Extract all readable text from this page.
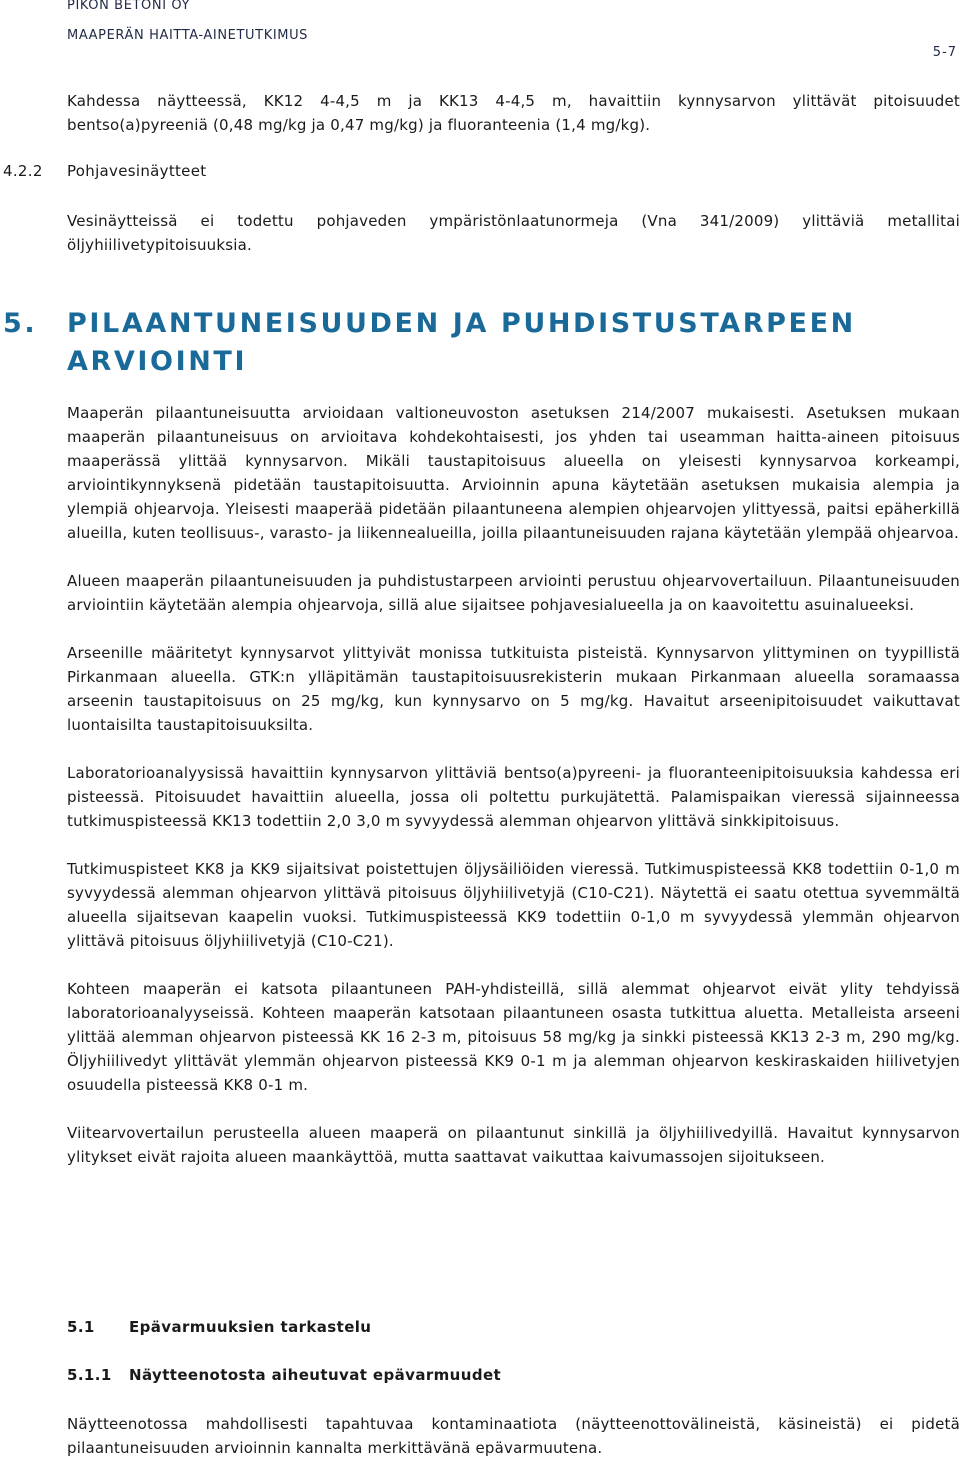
PIKON BETONI OY
MAAPERÄN HAITTA-AINETUTKIMUS
5-7

Kahdessa näytteessä, KK12 4-4,5 m ja KK13 4-4,5 m, havaittiin kynnysarvon ylittävät pitoisuudet bentso(a)pyreeniä (0,48 mg/kg ja 0,47 mg/kg) ja fluoranteenia (1,4 mg/kg).

4.2.2 Pohjavesinäytteet

Vesinäytteissä ei todettu pohjaveden ympäristönlaatunormeja (Vna 341/2009) ylittäviä metallitai öljyhiilivetypitoisuuksia.

5. PILAANTUNEISUUDEN JA PUHDISTUSTARPEEN ARVIOINTI

Maaperän pilaantuneisuutta arvioidaan valtioneuvoston asetuksen 214/2007 mukaisesti. Asetuksen mukaan maaperän pilaantuneisuus on arvioitava kohdekohtaisesti, jos yhden tai useamman haitta-aineen pitoisuus maaperässä ylittää kynnysarvon. Mikäli taustapitoisuus alueella on yleisesti kynnysarvoa korkeampi, arviointikynnyksenä pidetään taustapitoisuutta. Arvioinnin apuna käytetään asetuksen mukaisia alempia ja ylempiä ohjearvoja. Yleisesti maaperää pidetään pilaantuneena alempien ohjearvojen ylittyessä, paitsi epäherkillä alueilla, kuten teollisuus-, varasto- ja liikennealueilla, joilla pilaantuneisuuden rajana käytetään ylempää ohjearvoa.

Alueen maaperän pilaantuneisuuden ja puhdistustarpeen arviointi perustuu ohjearvovertailuun. Pilaantuneisuuden arviointiin käytetään alempia ohjearvoja, sillä alue sijaitsee pohjavesialueella ja on kaavoitettu asuinalueeksi.

Arseenille määritetyt kynnysarvot ylittyivät monissa tutkituista pisteistä. Kynnysarvon ylittyminen on tyypillistä Pirkanmaan alueella. GTK:n ylläpitämän taustapitoisuusrekisterin mukaan Pirkanmaan alueella soramaassa arseenin taustapitoisuus on 25 mg/kg, kun kynnysarvo on 5 mg/kg. Havaitut arseenipitoisuudet vaikuttavat luontaisilta taustapitoisuuksilta.

Laboratorioanalyysissä havaittiin kynnysarvon ylittäviä bentso(a)pyreeni- ja fluoranteenipitoisuuksia kahdessa eri pisteessä. Pitoisuudet havaittiin alueella, jossa oli poltettu purkujätettä. Palamispaikan vieressä sijainneessa tutkimuspisteessä KK13 todettiin 2,0 3,0 m syvyydessä alemman ohjearvon ylittävä sinkkipitoisuus.

Tutkimuspisteet KK8 ja KK9 sijaitsivat poistettujen öljysäiliöiden vieressä. Tutkimuspisteessä KK8 todettiin 0-1,0 m syvyydessä alemman ohjearvon ylittävä pitoisuus öljyhiilivetyjä (C10-C21). Näytettä ei saatu otettua syvemmältä alueella sijaitsevan kaapelin vuoksi. Tutkimuspisteessä KK9 todettiin 0-1,0 m syvyydessä ylemmän ohjearvon ylittävä pitoisuus öljyhiilivetyjä (C10-C21).

Kohteen maaperän ei katsota pilaantuneen PAH-yhdisteillä, sillä alemmat ohjearvot eivät ylity tehdyissä laboratorioanalyyseissä. Kohteen maaperän katsotaan pilaantuneen osasta tutkittua aluetta. Metalleista arseeni ylittää alemman ohjearvon pisteessä KK 16 2-3 m, pitoisuus 58 mg/kg ja sinkki pisteessä KK13 2-3 m, 290 mg/kg. Öljyhiilivedyt ylittävät ylemmän ohjearvon pisteessä KK9 0-1 m ja alemman ohjearvon keskiraskaiden hiilivetyjen osuudella pisteessä KK8 0-1 m.

Viitearvovertailun perusteella alueen maaperä on pilaantunut sinkillä ja öljyhiilivedyillä. Havaitut kynnysarvon ylitykset eivät rajoita alueen maankäyttöä, mutta saattavat vaikuttaa kaivumassojen sijoitukseen.

5.1 Epävarmuuksien tarkastelu
5.1.1 Näytteenotosta aiheutuvat epävarmuudet

Näytteenotossa mahdollisesti tapahtuvaa kontaminaatiota (näytteenottovälineistä, käsineistä) ei pidetä pilaantuneisuuden arvioinnin kannalta merkittävänä epävarmuutena.
